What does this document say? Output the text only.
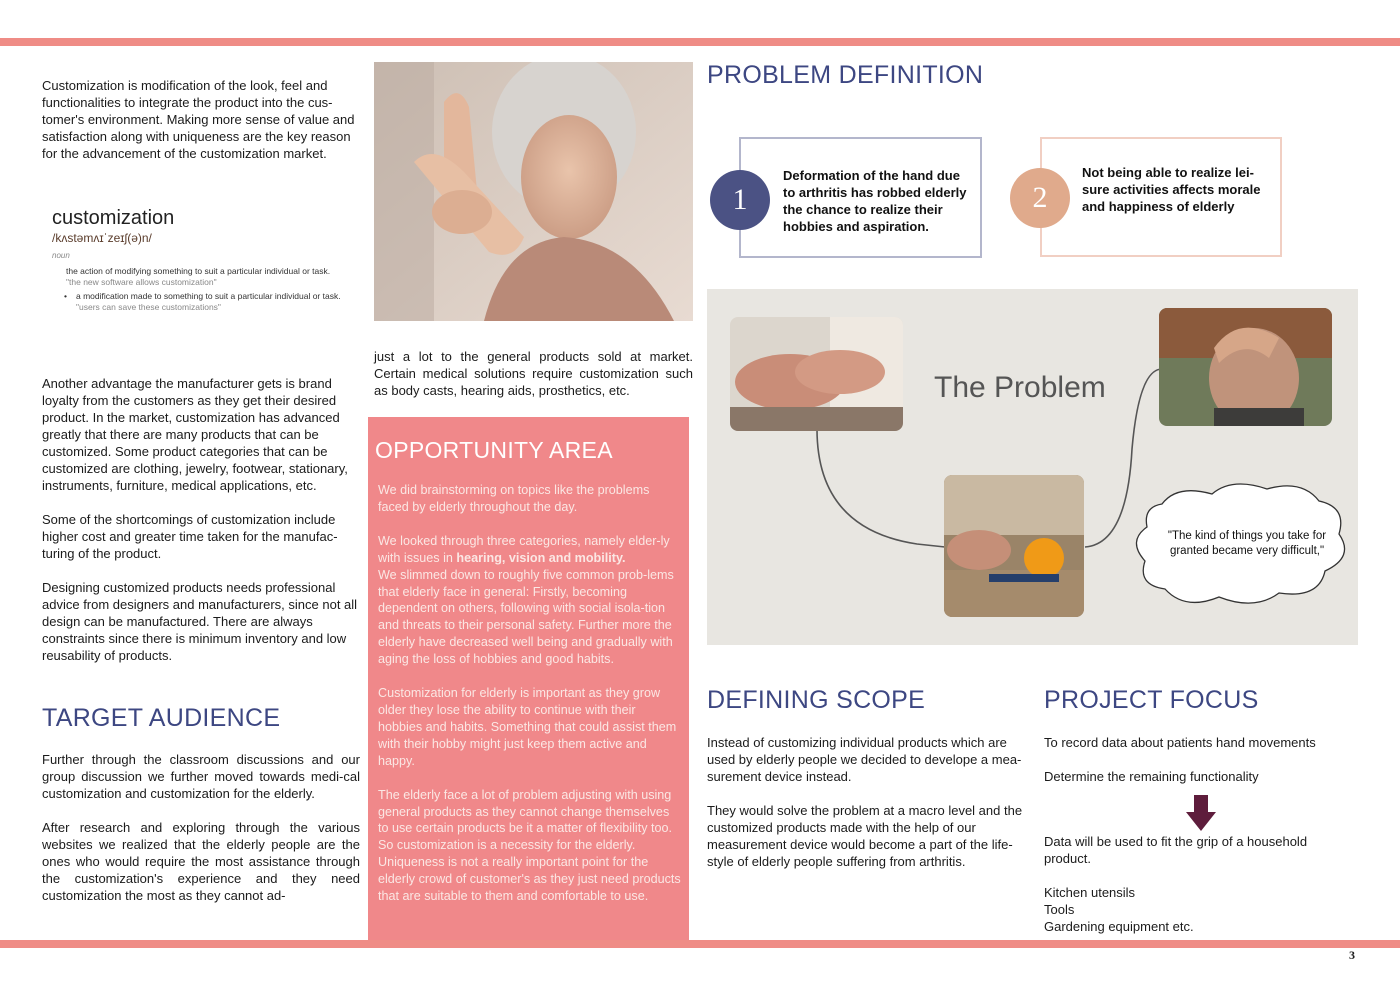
Customization is modification of the look, feel and functionalities to integrate the product into the cus-tomer's environment. Making more sense of value and satisfaction along with uniqueness are the key reason for the advancement of the customization market.

customization
/kʌstəmʌɪˈzeɪʃ(ə)n/
noun
the action of modifying something to suit a particular individual or task.
"the new software allows customization"
• a modification made to something to suit a particular individual or task.
"users can save these customizations"

Another advantage the manufacturer gets is brand loyalty from the customers as they get their desired product. In the market, customization has advanced greatly that there are many products that can be customized. Some product categories that can be customized are clothing, jewelry, footwear, stationary, instruments, furniture, medical applications, etc.

Some of the shortcomings of customization include higher cost and greater time taken for the manufac-turing of the product.

Designing customized products needs professional advice from designers and manufacturers, since not all design can be manufactured. There are always constraints since there is minimum inventory and low reusability of products.

TARGET AUDIENCE

Further through the classroom discussions and our group discussion we further moved towards medi-cal customization and customization for the elderly.

After research and exploring through the various websites we realized that the elderly people are the ones who would require the most assistance through the customization's experience and they need customization the most as they cannot ad-

just a lot to the general products sold at market. Certain medical solutions require customization such as body casts, hearing aids, prosthetics, etc.

OPPORTUNITY AREA

We did brainstorming on topics like the problems faced by elderly throughout the day.

We looked through three categories, namely elder-ly with issues in hearing, vision and mobility.
We slimmed down to roughly five common prob-lems that elderly face in general: Firstly, becoming dependent on others, following with social isola-tion and threats to their personal safety. Further more the elderly have decreased well being and gradually with aging the loss of hobbies and good habits.

Customization for elderly is important as they grow older they lose the ability to continue with their hobbies and habits. Something that could assist them with their hobby might just keep them active and happy.

The elderly face a lot of problem adjusting with using general products as they cannot change themselves to use certain products be it a matter of flexibility too. So customization is a necessity for the elderly. Uniqueness is not a really important point for the elderly crowd of customer's as they just need products that are suitable to them and comfortable to use.

PROBLEM DEFINITION
Deformation of the hand due to arthritis has robbed elderly the chance to realize their hobbies and aspiration.
1
Not being able to realize lei-sure activities affects morale and happiness of elderly
2
The Problem
"The kind of things you take for granted became very difficult,"
DEFINING SCOPE

Instead of customizing individual products which are used by elderly people we decided to develope a mea-surement device instead.

They would solve the problem at a macro level and the customized products made with the help of our measurement device would become a part of the life-style of elderly people suffering from arthritis.

PROJECT FOCUS

To record data about patients hand movements

Determine the remaining functionality

Data will be used to fit the grip of a household product.

Kitchen utensils
Tools
Gardening equipment etc.
3
